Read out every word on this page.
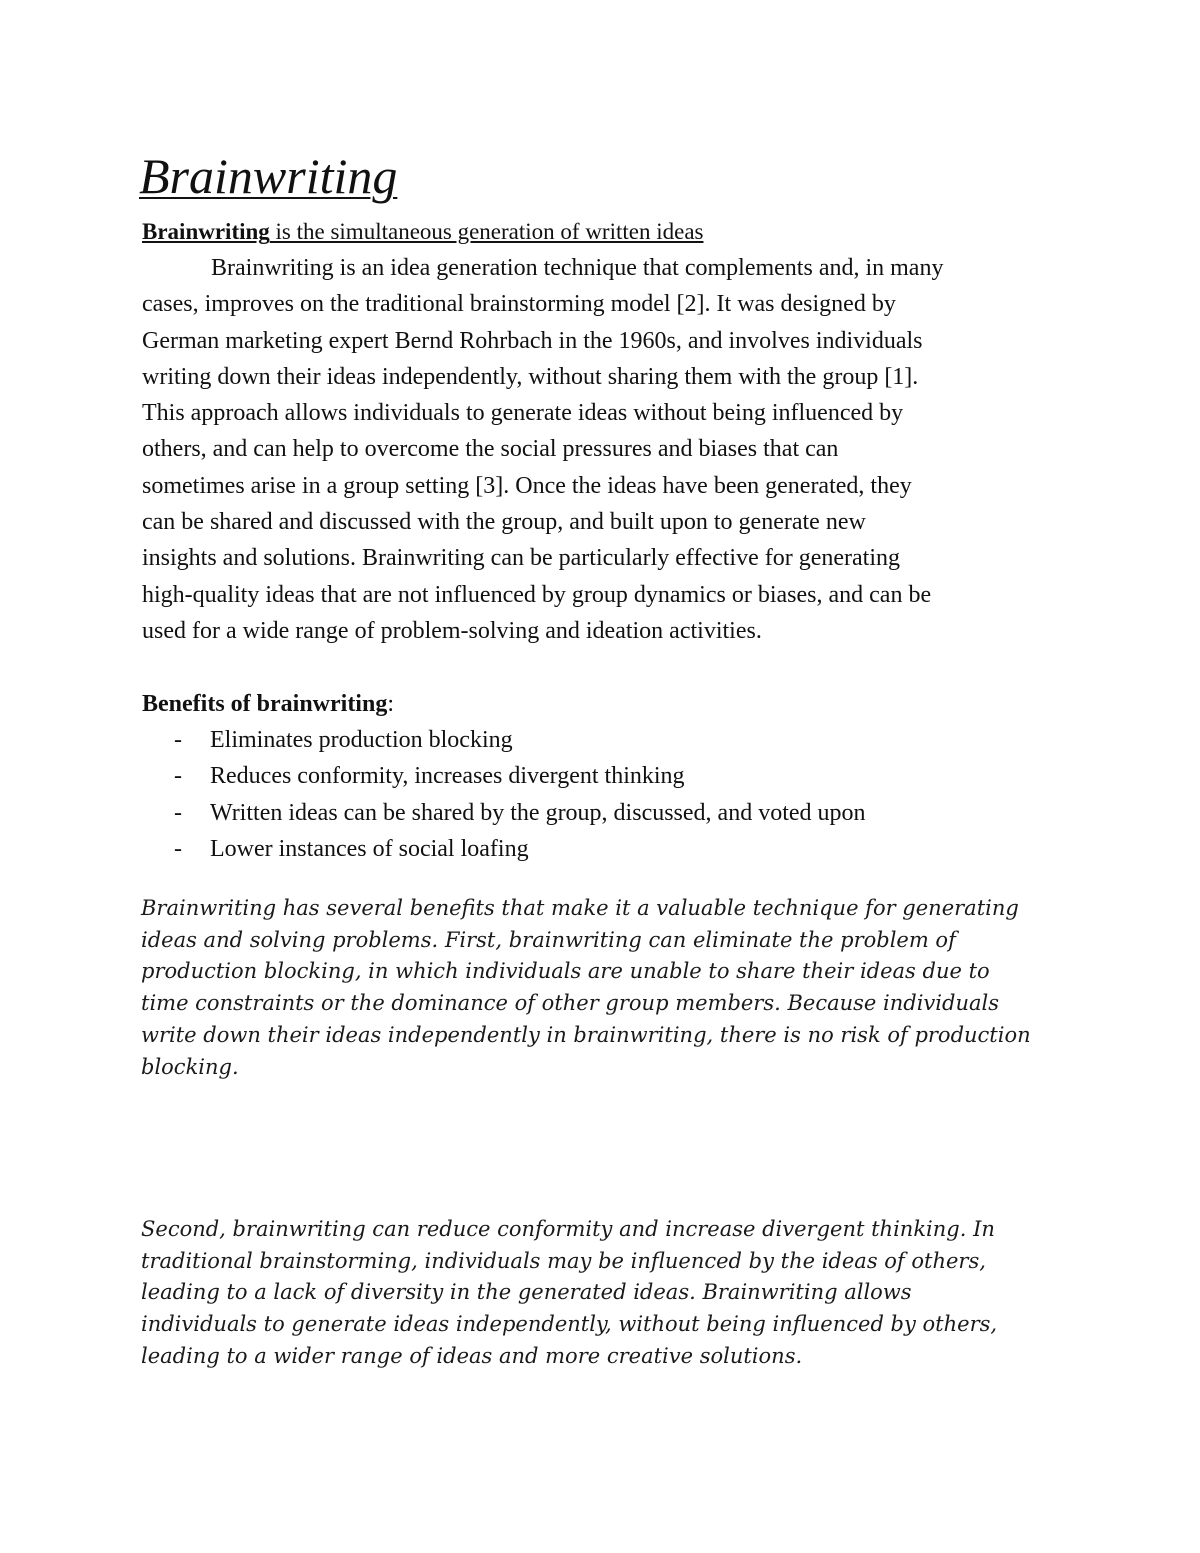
Brainwriting

Brainwriting is the simultaneous generation of written ideas

Brainwriting is an idea generation technique that complements and, in many
cases, improves on the traditional brainstorming model [2]. It was designed by
German marketing expert Bernd Rohrbach in the 1960s, and involves individuals
writing down their ideas independently, without sharing them with the group [1].
This approach allows individuals to generate ideas without being influenced by
others, and can help to overcome the social pressures and biases that can
sometimes arise in a group setting [3]. Once the ideas have been generated, they
can be shared and discussed with the group, and built upon to generate new
insights and solutions. Brainwriting can be particularly effective for generating
high-quality ideas that are not influenced by group dynamics or biases, and can be
used for a wide range of problem-solving and ideation activities.

Benefits of brainwriting:

-	Eliminates production blocking
-	Reduces conformity, increases divergent thinking
-	Written ideas can be shared by the group, discussed, and voted upon
-	Lower instances of social loafing

Brainwriting has several benefits that make it a valuable technique for generating
ideas and solving problems. First, brainwriting can eliminate the problem of
production blocking, in which individuals are unable to share their ideas due to
time constraints or the dominance of other group members. Because individuals
write down their ideas independently in brainwriting, there is no risk of production
blocking.

Second, brainwriting can reduce conformity and increase divergent thinking. In
traditional brainstorming, individuals may be influenced by the ideas of others,
leading to a lack of diversity in the generated ideas. Brainwriting allows
individuals to generate ideas independently, without being influenced by others,
leading to a wider range of ideas and more creative solutions.
